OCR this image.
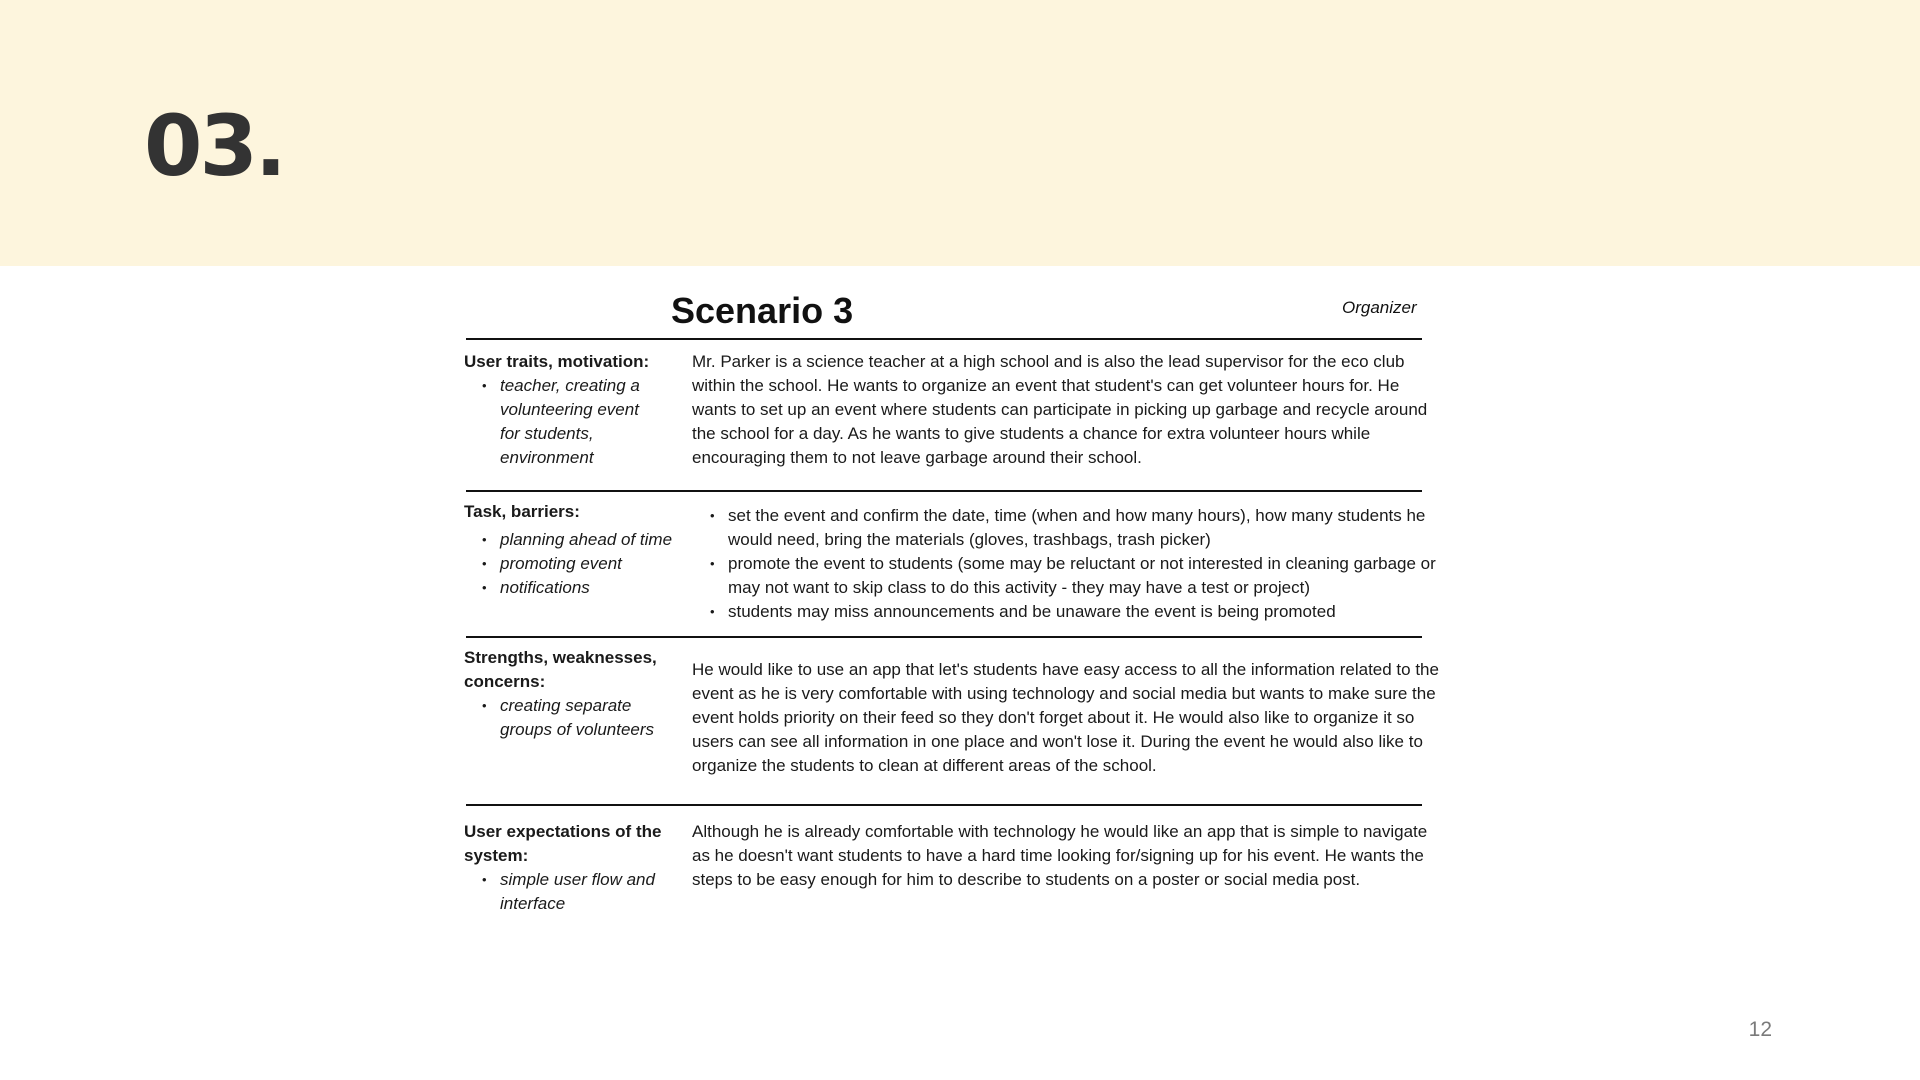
03.
Scenario 3	Organizer
User traits, motivation:
• teacher, creating a volunteering event for students, environment
Mr. Parker is a science teacher at a high school and is also the lead supervisor for the eco club within the school. He wants to organize an event that student's can get volunteer hours for. He wants to set up an event where students can participate in picking up garbage and recycle around the school for a day. As he wants to give students a chance for extra volunteer hours while encouraging them to not leave garbage around their school.
Task, barriers:
• planning ahead of time
• promoting event
• notifications
• set the event and confirm the date, time (when and how many hours), how many students he would need, bring the materials (gloves, trashbags, trash picker)
• promote the event to students (some may be reluctant or not interested in cleaning garbage or may not want to skip class to do this activity - they may have a test or project)
• students may miss announcements and be unaware the event is being promoted
Strengths, weaknesses, concerns:
• creating separate groups of volunteers
He would like to use an app that let's students have easy access to all the information related to the event as he is very comfortable with using technology and social media but wants to make sure the event holds priority on their feed so they don't forget about it. He would also like to organize it so users can see all information in one place and won't lose it. During the event he would also like to organize the students to clean at different areas of the school.
User expectations of the system:
• simple user flow and interface
Although he is already comfortable with technology he would like an app that is simple to navigate as he doesn't want students to have a hard time looking for/signing up for his event. He wants the steps to be easy enough for him to describe to students on a poster or social media post.
12
